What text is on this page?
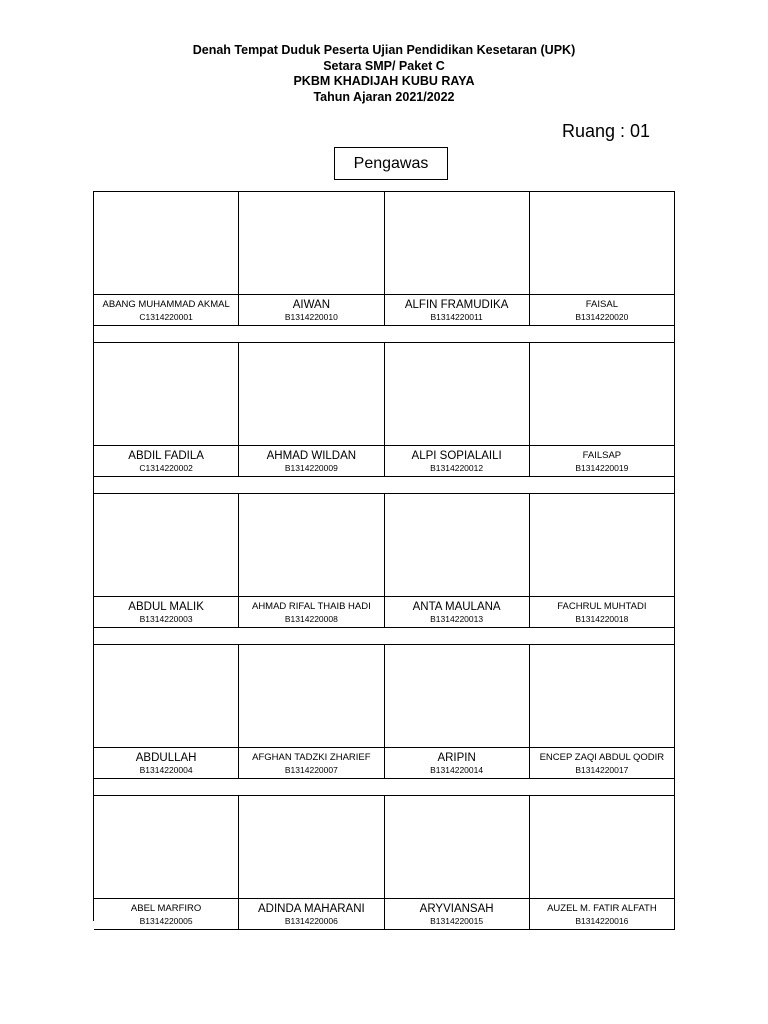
Denah Tempat Duduk Peserta Ujian Pendidikan Kesetaran (UPK)
Setara SMP/ Paket C
PKBM KHADIJAH KUBU RAYA
Tahun Ajaran 2021/2022
Ruang : 01
Pengawas
ABANG MUHAMMAD AKMAL
C1314220001
AIWAN
B1314220010
ALFIN FRAMUDIKA
B1314220011
FAISAL
B1314220020
ABDIL FADILA
C1314220002
AHMAD WILDAN
B1314220009
ALPI SOPIALAILI
B1314220012
FAILSAP
B1314220019
ABDUL MALIK
B1314220003
AHMAD RIFAL THAIB HADI
B1314220008
ANTA MAULANA
B1314220013
FACHRUL MUHTADI
B1314220018
ABDULLAH
B1314220004
AFGHAN TADZKI ZHARIEF
B1314220007
ARIPIN
B1314220014
ENCEP ZAQI ABDUL QODIR
B1314220017
ABEL MARFIRO
B1314220005
ADINDA MAHARANI
B1314220006
ARYVIANSAH
B1314220015
AUZEL M. FATIR ALFATH
B1314220016
